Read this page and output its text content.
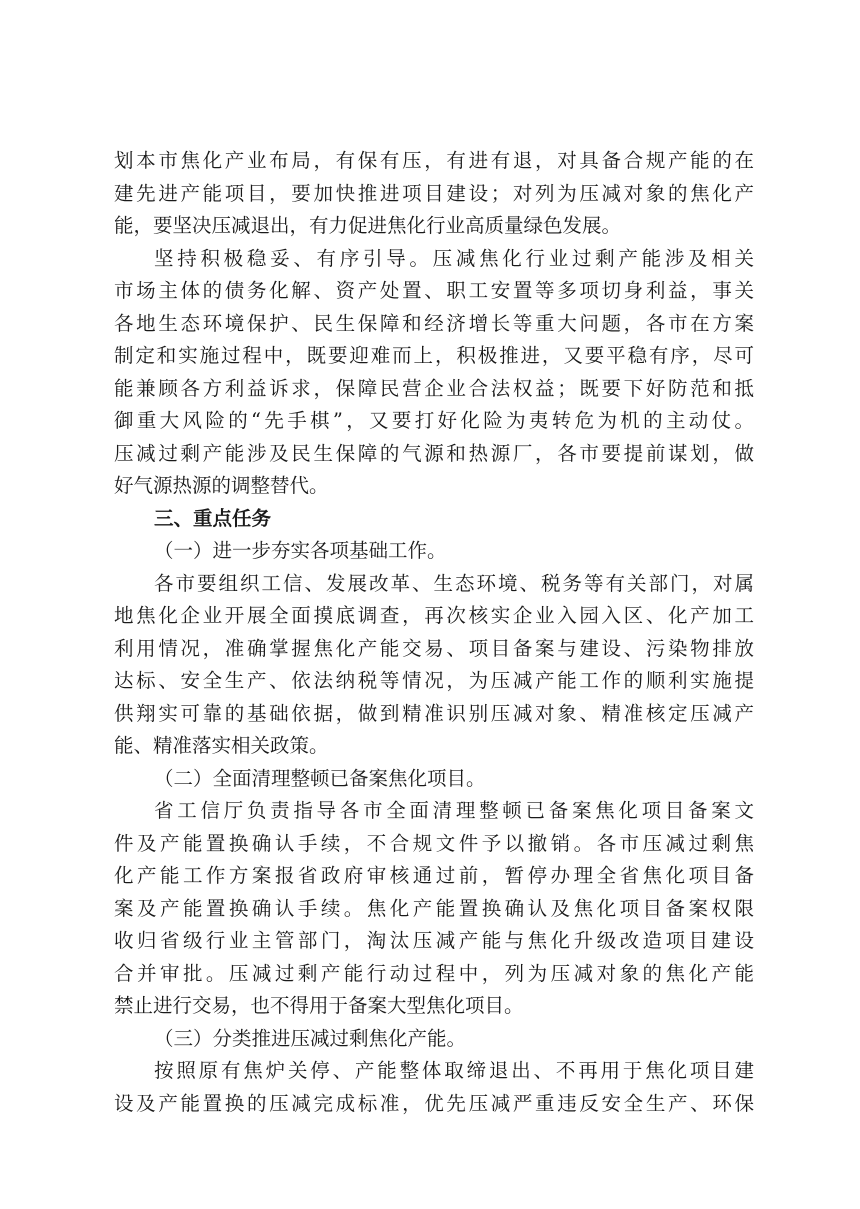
划本市焦化产业布局，有保有压，有进有退，对具备合规产能的在
建先进产能项目，要加快推进项目建设；对列为压减对象的焦化产
能，要坚决压减退出，有力促进焦化行业高质量绿色发展。
坚持积极稳妥、有序引导。压减焦化行业过剩产能涉及相关
市场主体的债务化解、资产处置、职工安置等多项切身利益，事关
各地生态环境保护、民生保障和经济增长等重大问题，各市在方案
制定和实施过程中，既要迎难而上，积极推进，又要平稳有序，尽可
能兼顾各方利益诉求，保障民营企业合法权益；既要下好防范和抵
御重大风险的“先手棋”，又要打好化险为夷转危为机的主动仗。
压减过剩产能涉及民生保障的气源和热源厂，各市要提前谋划，做
好气源热源的调整替代。
三、重点任务
（一）进一步夯实各项基础工作。
各市要组织工信、发展改革、生态环境、税务等有关部门，对属
地焦化企业开展全面摸底调查，再次核实企业入园入区、化产加工
利用情况，准确掌握焦化产能交易、项目备案与建设、污染物排放
达标、安全生产、依法纳税等情况，为压减产能工作的顺利实施提
供翔实可靠的基础依据，做到精准识别压减对象、精准核定压减产
能、精准落实相关政策。
（二）全面清理整顿已备案焦化项目。
省工信厅负责指导各市全面清理整顿已备案焦化项目备案文
件及产能置换确认手续，不合规文件予以撤销。各市压减过剩焦
化产能工作方案报省政府审核通过前，暂停办理全省焦化项目备
案及产能置换确认手续。焦化产能置换确认及焦化项目备案权限
收归省级行业主管部门，淘汰压减产能与焦化升级改造项目建设
合并审批。压减过剩产能行动过程中，列为压减对象的焦化产能
禁止进行交易，也不得用于备案大型焦化项目。
（三）分类推进压减过剩焦化产能。
按照原有焦炉关停、产能整体取缔退出、不再用于焦化项目建
设及产能置换的压减完成标准，优先压减严重违反安全生产、环保
